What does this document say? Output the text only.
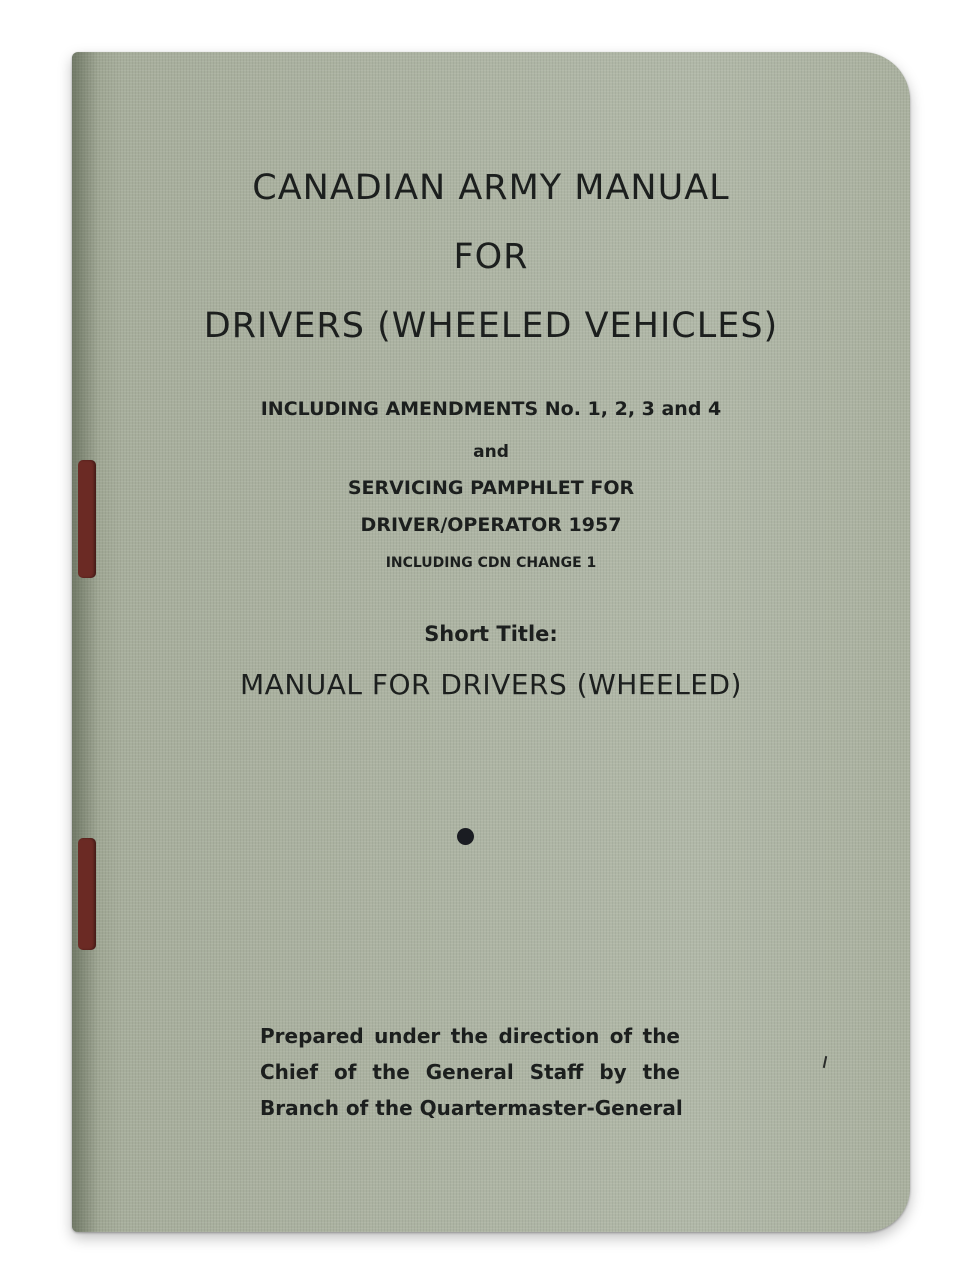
CANADIAN ARMY MANUAL
FOR
DRIVERS (WHEELED VEHICLES)
INCLUDING AMENDMENTS No. 1, 2, 3 and 4
and
SERVICING PAMPHLET FOR
DRIVER/OPERATOR 1957
INCLUDING CDN CHANGE 1
Short Title:
MANUAL FOR DRIVERS (WHEELED)
Prepared under the direction of the
Chief of the General Staff by the
Branch of the Quartermaster-General
